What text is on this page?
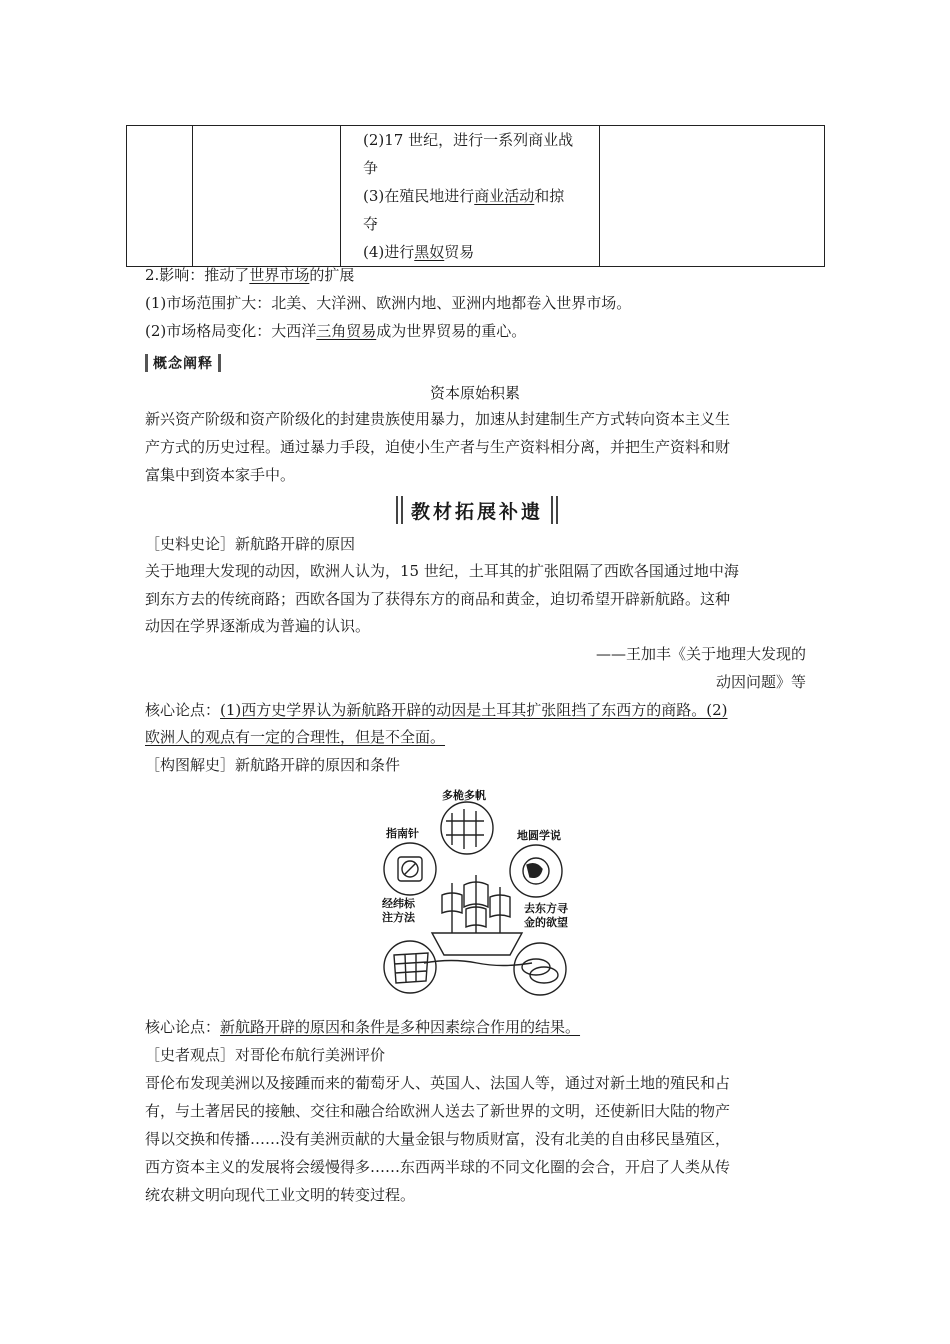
(2)17 世纪，进行一系列商业战
争
(3)在殖民地进行商业活动和掠
夺
(4)进行黑奴贸易

2.影响：推动了世界市场的扩展
(1)市场范围扩大：北美、大洋洲、欧洲内地、亚洲内地都卷入世界市场。
(2)市场格局变化：大西洋三角贸易成为世界贸易的重心。
概念阐释
资本原始积累
新兴资产阶级和资产阶级化的封建贵族使用暴力，加速从封建制生产方式转向资本主义生
产方式的历史过程。通过暴力手段，迫使小生产者与生产资料相分离，并把生产资料和财
富集中到资本家手中。
教材拓展补遗
［史料史论］新航路开辟的原因
关于地理大发现的动因，欧洲人认为，15 世纪，土耳其的扩张阻隔了西欧各国通过地中海
到东方去的传统商路；西欧各国为了获得东方的商品和黄金，迫切希望开辟新航路。这种
动因在学界逐渐成为普遍的认识。
——王加丰《关于地理大发现的
动因问题》等
核心论点：(1)西方史学界认为新航路开辟的动因是土耳其扩张阻挡了东西方的商路。(2)
欧洲人的观点有一定的合理性，但是不全面。
［构图解史］新航路开辟的原因和条件
多桅多帆
指南针	地圆学说
经纬标
注方法
去东方寻
金的欲望
核心论点：新航路开辟的原因和条件是多种因素综合作用的结果。
［史者观点］对哥伦布航行美洲评价
哥伦布发现美洲以及接踵而来的葡萄牙人、英国人、法国人等，通过对新土地的殖民和占
有，与土著居民的接触、交往和融合给欧洲人送去了新世界的文明，还使新旧大陆的物产
得以交换和传播……没有美洲贡献的大量金银与物质财富，没有北美的自由移民垦殖区，
西方资本主义的发展将会缓慢得多……东西两半球的不同文化圈的会合，开启了人类从传
统农耕文明向现代工业文明的转变过程。
